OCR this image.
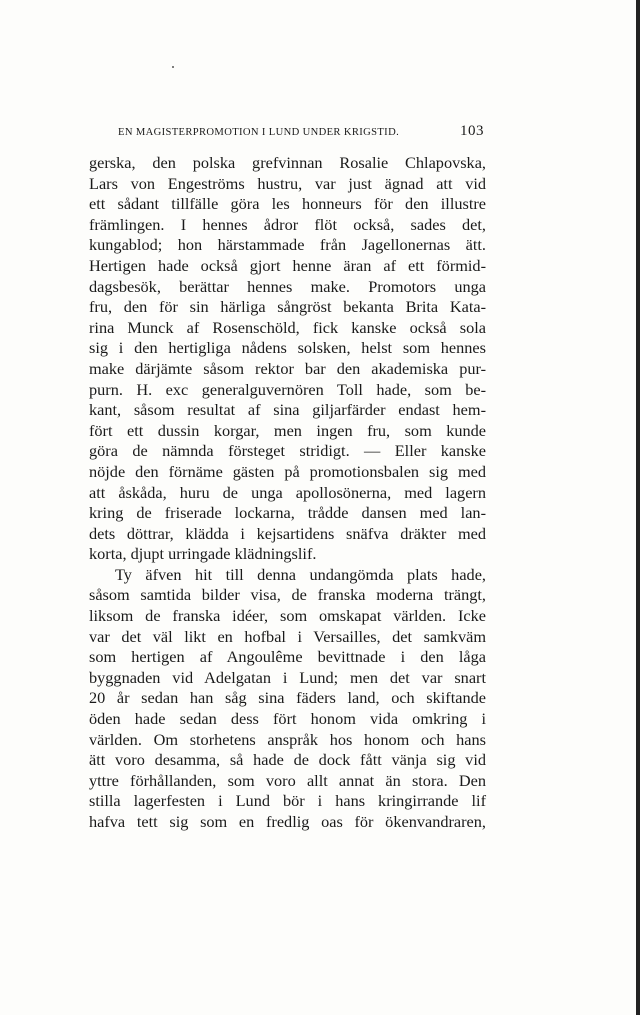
EN MAGISTERPROMOTION I LUND UNDER KRIGSTID.	103
gerska, den polska grefvinnan Rosalie Chlapovska,
Lars von Engeströms hustru, var just ägnad att vid
ett sådant tillfälle göra les honneurs för den illustre
främlingen. I hennes ådror flöt också, sades det,
kungablod; hon härstammade från Jagellonernas ätt.
Hertigen hade också gjort henne äran af ett förmid-
dagsbesök, berättar hennes make. Promotors unga
fru, den för sin härliga sångröst bekanta Brita Kata-
rina Munck af Rosenschöld, fick kanske också sola
sig i den hertigliga nådens solsken, helst som hennes
make därjämte såsom rektor bar den akademiska pur-
purn. H. exc generalguvernören Toll hade, som be-
kant, såsom resultat af sina giljarfärder endast hem-
fört ett dussin korgar, men ingen fru, som kunde
göra de nämnda försteget stridigt. — Eller kanske
nöjde den förnäme gästen på promotionsbalen sig med
att åskåda, huru de unga apollosönerna, med lagern
kring de friserade lockarna, trådde dansen med lan-
dets döttrar, klädda i kejsartidens snäfva dräkter med
korta, djupt urringade klädningslif.
Ty äfven hit till denna undangömda plats hade,
såsom samtida bilder visa, de franska moderna trängt,
liksom de franska idéer, som omskapat världen. Icke
var det väl likt en hofbal i Versailles, det samkväm
som hertigen af Angoulême bevittnade i den låga
byggnaden vid Adelgatan i Lund; men det var snart
20 år sedan han såg sina fäders land, och skiftande
öden hade sedan dess fört honom vida omkring i
världen. Om storhetens anspråk hos honom och hans
ätt voro desamma, så hade de dock fått vänja sig vid
yttre förhållanden, som voro allt annat än stora. Den
stilla lagerfesten i Lund bör i hans kringirrande lif
hafva tett sig som en fredlig oas för ökenvandraren,
